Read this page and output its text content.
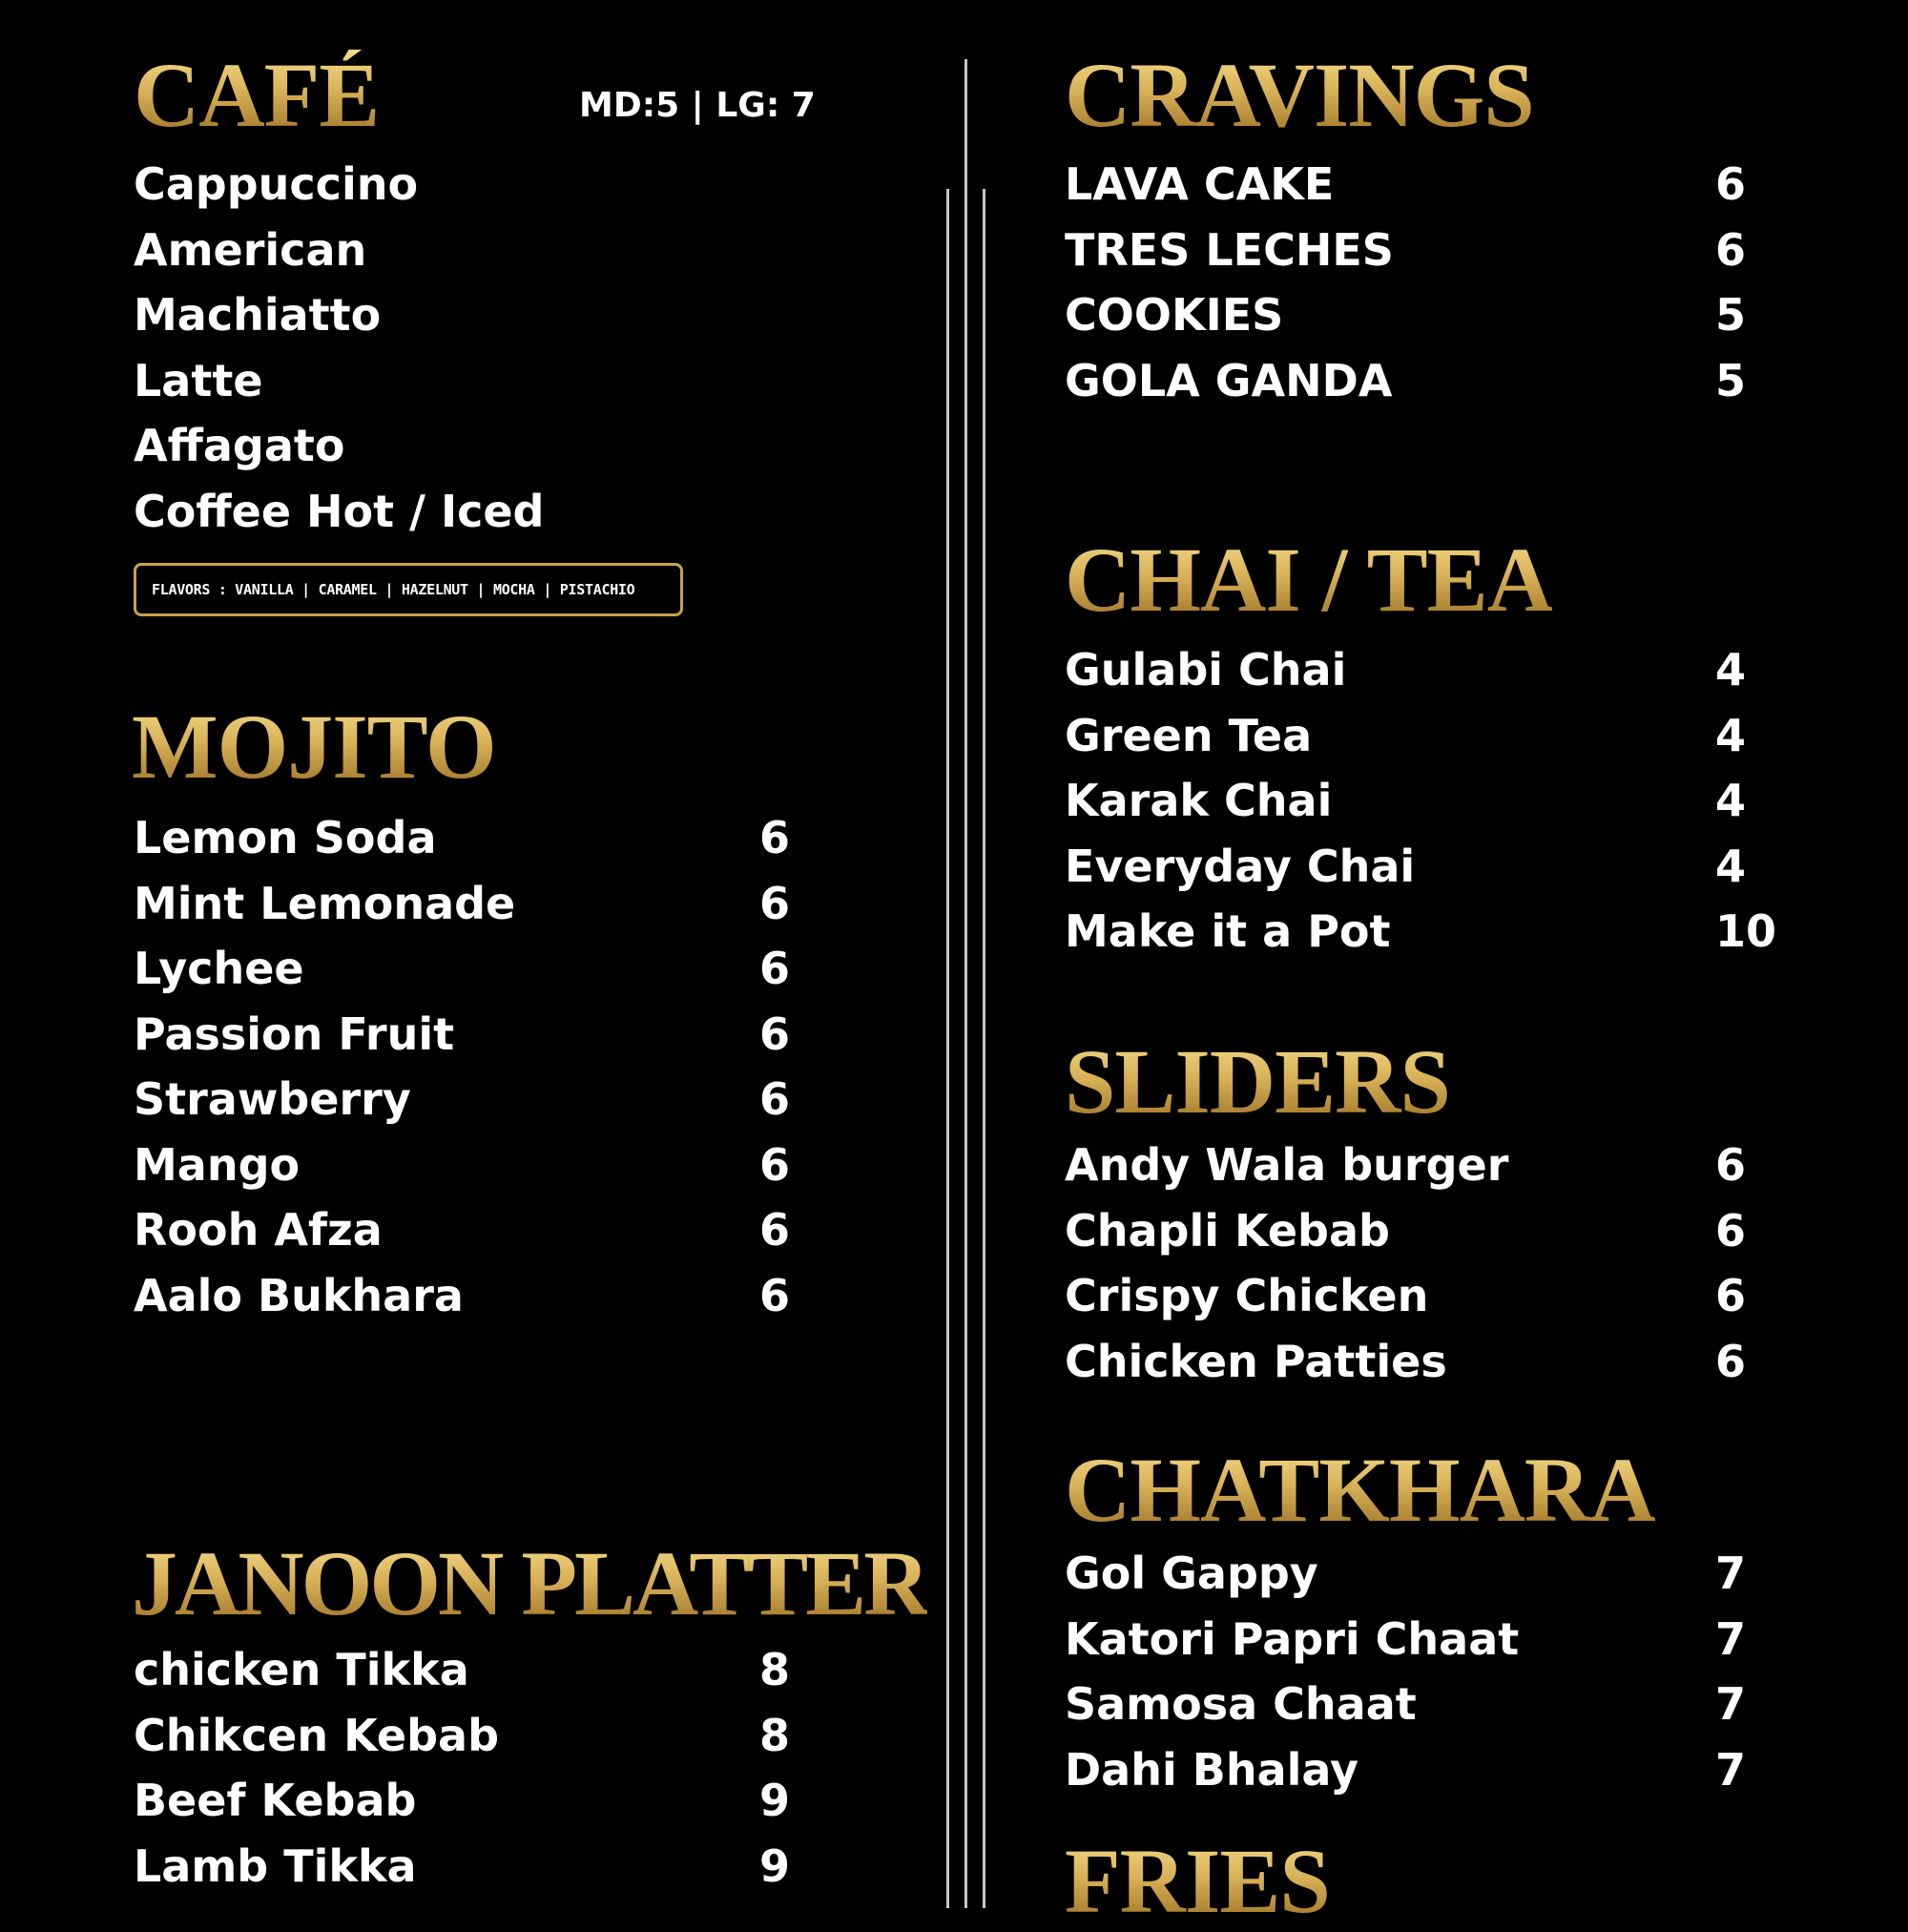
CAFÉ	MD:5 | LG: 7
Cappuccino
American
Machiatto
Latte
Affagato
Coffee Hot / Iced
FLAVORS : VANILLA | CARAMEL | HAZELNUT | MOCHA | PISTACHIO
MOJITO
Lemon Soda	6
Mint Lemonade	6
Lychee	6
Passion Fruit	6
Strawberry	6
Mango	6
Rooh Afza	6
Aalo Bukhara	6
JANOON PLATTER
chicken Tikka	8
Chikcen Kebab	8
Beef Kebab	9
Lamb Tikka	9
CRAVINGS
LAVA CAKE	6
TRES LECHES	6
COOKIES	5
GOLA GANDA	5
CHAI / TEA
Gulabi Chai	4
Green Tea	4
Karak Chai	4
Everyday Chai	4
Make it a Pot	10
SLIDERS
Andy Wala burger	6
Chapli Kebab	6
Crispy Chicken	6
Chicken Patties	6
CHATKHARA
Gol Gappy	7
Katori Papri Chaat	7
Samosa Chaat	7
Dahi Bhalay	7
FRIES
